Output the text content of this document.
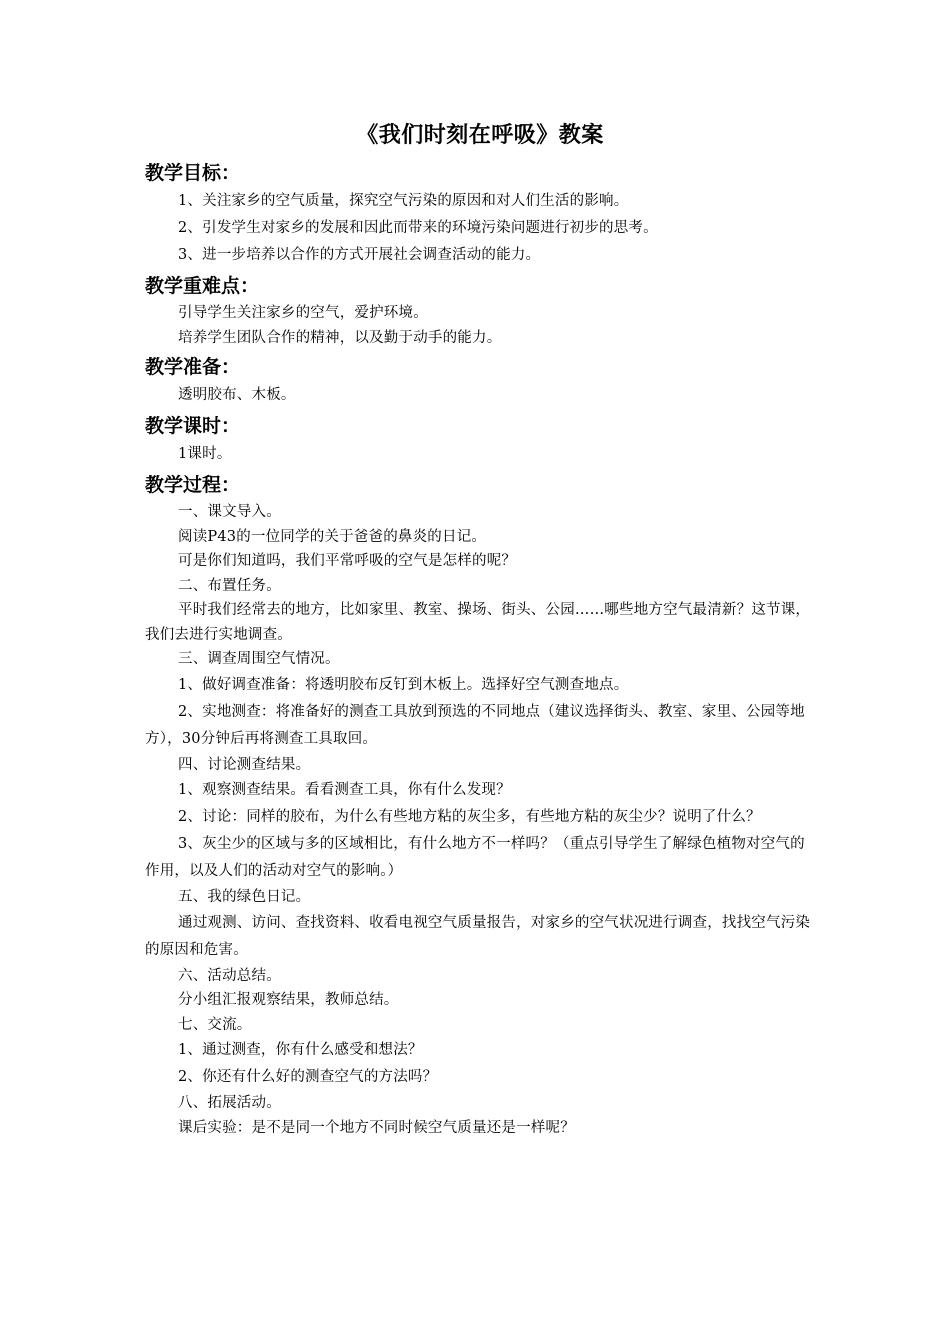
《我们时刻在呼吸》教案
教学目标：

1、关注家乡的空气质量，探究空气污染的原因和对人们生活的影响。

2、引发学生对家乡的发展和因此而带来的环境污染问题进行初步的思考。

3、进一步培养以合作的方式开展社会调查活动的能力。

教学重难点：

引导学生关注家乡的空气，爱护环境。

培养学生团队合作的精神，以及勤于动手的能力。

教学准备：

透明胶布、木板。

教学课时：

1课时。

教学过程：

一、课文导入。

阅读P43的一位同学的关于爸爸的鼻炎的日记。

可是你们知道吗，我们平常呼吸的空气是怎样的呢？

二、布置任务。

平时我们经常去的地方，比如家里、教室、操场、街头、公园……哪些地方空气最清新？这节课，我们去进行实地调查。

三、调查周围空气情况。

1、做好调查准备：将透明胶布反钉到木板上。选择好空气测查地点。

2、实地测查：将准备好的测查工具放到预选的不同地点（建议选择街头、教室、家里、公园等地方），30分钟后再将测查工具取回。

四、讨论测查结果。

1、观察测查结果。看看测查工具，你有什么发现？

2、讨论：同样的胶布，为什么有些地方粘的灰尘多，有些地方粘的灰尘少？说明了什么？

3、灰尘少的区域与多的区域相比，有什么地方不一样吗？（重点引导学生了解绿色植物对空气的作用，以及人们的活动对空气的影响。）

五、我的绿色日记。

通过观测、访问、查找资料、收看电视空气质量报告，对家乡的空气状况进行调查，找找空气污染的原因和危害。

六、活动总结。

分小组汇报观察结果，教师总结。

七、交流。

1、通过测查，你有什么感受和想法？

2、你还有什么好的测查空气的方法吗？

八、拓展活动。

课后实验：是不是同一个地方不同时候空气质量还是一样呢？
